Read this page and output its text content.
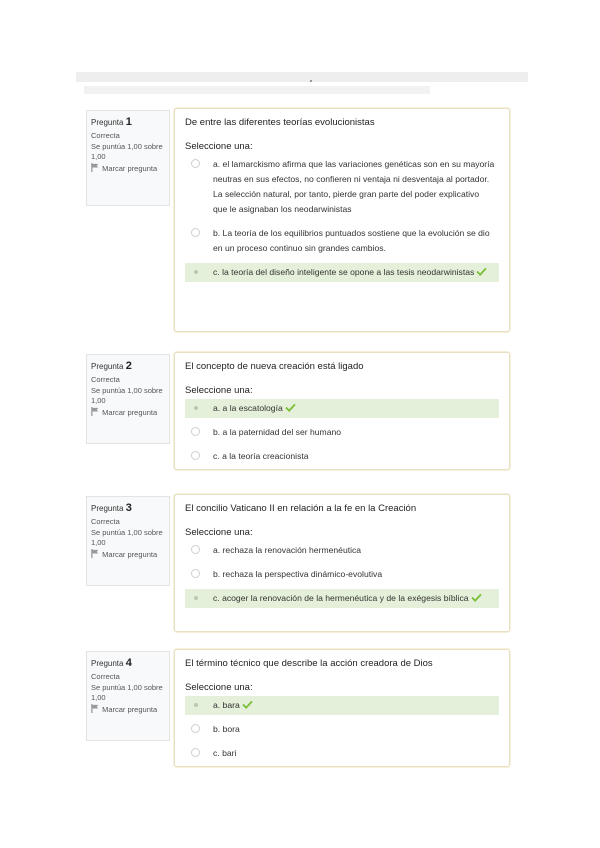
Pregunta 1
Correcta
Se puntúa 1,00 sobre 1,00
Marcar pregunta
De entre las diferentes teorías evolucionistas
Seleccione una:
a. el lamarckismo afirma que las variaciones genéticas son en su mayoría neutras en sus efectos, no confieren ni ventaja ni desventaja al portador. La selección natural, por tanto, pierde gran parte del poder explicativo que le asignaban los neodarwinistas
b. La teoría de los equilibrios puntuados sostiene que la evolución se dio en un proceso continuo sin grandes cambios.
c. la teoría del diseño inteligente se opone a las tesis neodarwinistas
Pregunta 2
Correcta
Se puntúa 1,00 sobre 1,00
Marcar pregunta
El concepto de nueva creación está ligado
Seleccione una:
a. a la escatología
b. a la paternidad del ser humano
c. a la teoría creacionista
Pregunta 3
Correcta
Se puntúa 1,00 sobre 1,00
Marcar pregunta
El concilio Vaticano II en relación a la fe en la Creación
Seleccione una:
a. rechaza la renovación hermenéutica
b. rechaza la perspectiva dinámico-evolutiva
c. acoger la renovación de la hermenéutica y de la exégesis bíblica
Pregunta 4
Correcta
Se puntúa 1,00 sobre 1,00
Marcar pregunta
El término técnico que describe la acción creadora de Dios
Seleccione una:
a. bara
b. bora
c. bari
